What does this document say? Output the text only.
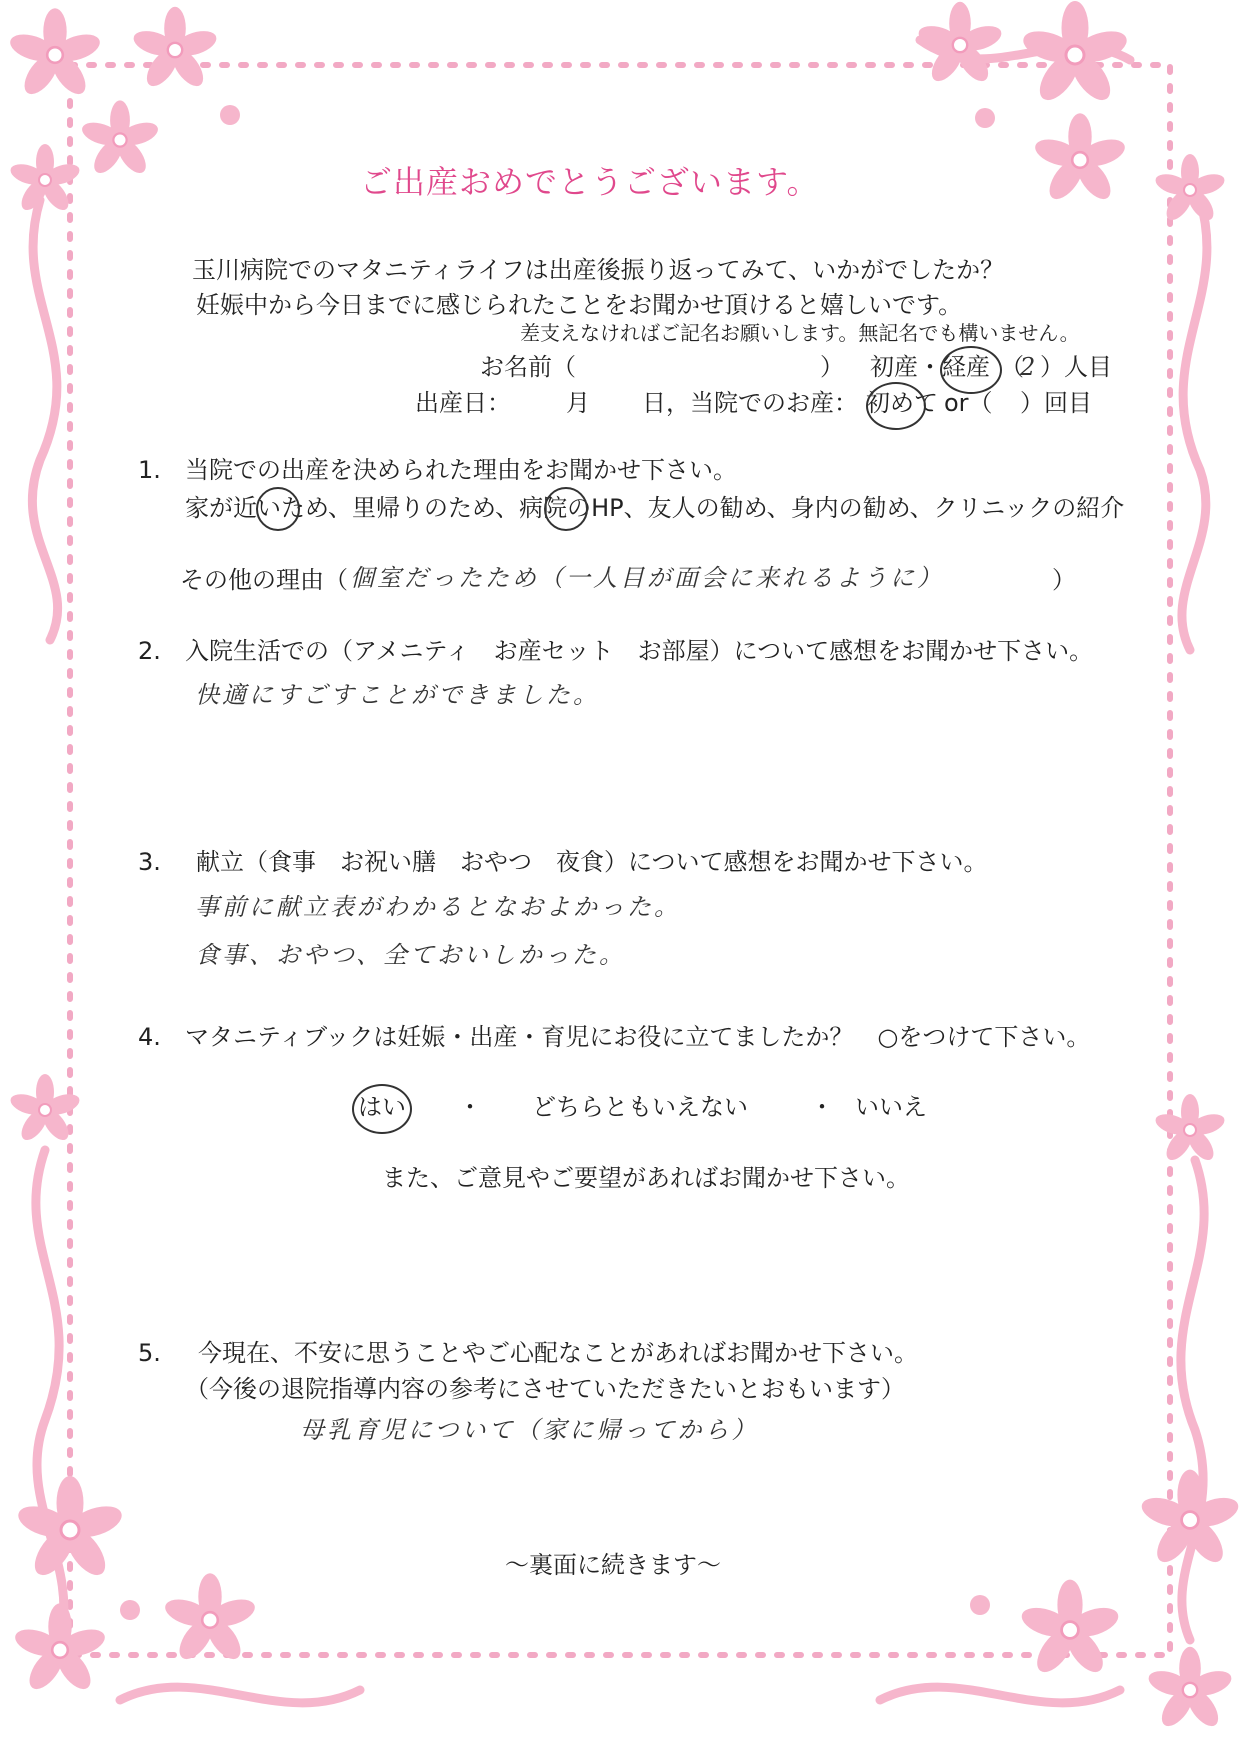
ご出産おめでとうございます。
玉川病院でのマタニティライフは出産後振り返ってみて、いかがでしたか？
妊娠中から今日までに感じられたことをお聞かせ頂けると嬉しいです。
差支えなければご記名お願いします。無記名でも構いません。
お名前（	） 初産・経産 （
2 ）人目
出産日： 月 日，当院でのお産： 初めて or（ ）回目
1. 当院での出産を決められた理由をお聞かせ下さい。
家が近いため、里帰りのため、病院のHP、友人の勧め、身内の勧め、クリニックの紹介
その他の理由（ 個室だったため（一人目が面会に来れるように）	）
2. 入院生活での（アメニティ　お産セット　お部屋）について感想をお聞かせ下さい。
快適にすごすことができました。
3. 献立（食事　お祝い膳　おやつ　夜食）について感想をお聞かせ下さい。
事前に献立表がわかるとなおよかった。
食事、おやつ、全ておいしかった。
4. マタニティブックは妊娠・出産・育児にお役に立てましたか？　○をつけて下さい。
はい ・ どちらともいえない	・ いいえ
また、ご意見やご要望があればお聞かせ下さい。
5. 今現在、不安に思うことやご心配なことがあればお聞かせ下さい。
（今後の退院指導内容の参考にさせていただきたいとおもいます）
母乳育児について（家に帰ってから）
～裏面に続きます～
